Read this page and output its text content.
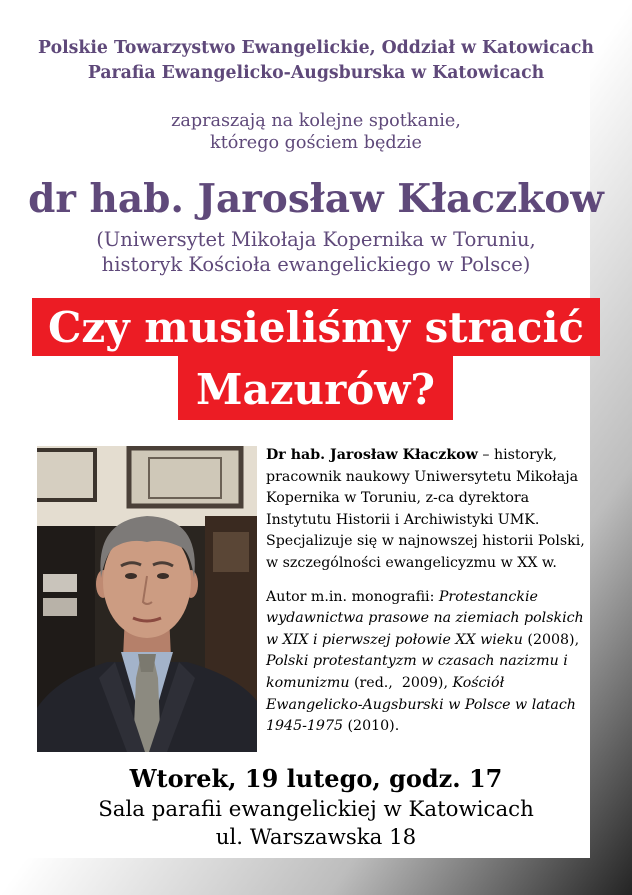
Polskie Towarzystwo Ewangelickie, Oddział w Katowicach
Parafia Ewangelicko-Augsburska w Katowicach
zapraszają na kolejne spotkanie,
którego gościem będzie
dr hab. Jarosław Kłaczkow
(Uniwersytet Mikołaja Kopernika w Toruniu,
historyk Kościoła ewangelickiego w Polsce)
Czy musieliśmy stracić
Mazurów?
Dr hab. Jarosław Kłaczkow – historyk,
pracownik naukowy Uniwersytetu Mikołaja
Kopernika w Toruniu, z-ca dyrektora
Instytutu Historii i Archiwistyki UMK.
Specjalizuje się w najnowszej historii Polski,
w szczególności ewangelicyzmu w XX w.
Autor m.in. monografii: Protestanckie
wydawnictwa prasowe na ziemiach polskich
w XIX i pierwszej połowie XX wieku (2008),
Polski protestantyzm w czasach nazizmu i
komunizmu (red.,  2009), Kościół
Ewangelicko-Augsburski w Polsce w latach
1945-1975 (2010).
Wtorek, 19 lutego, godz. 17
Sala parafii ewangelickiej w Katowicach
ul. Warszawska 18
